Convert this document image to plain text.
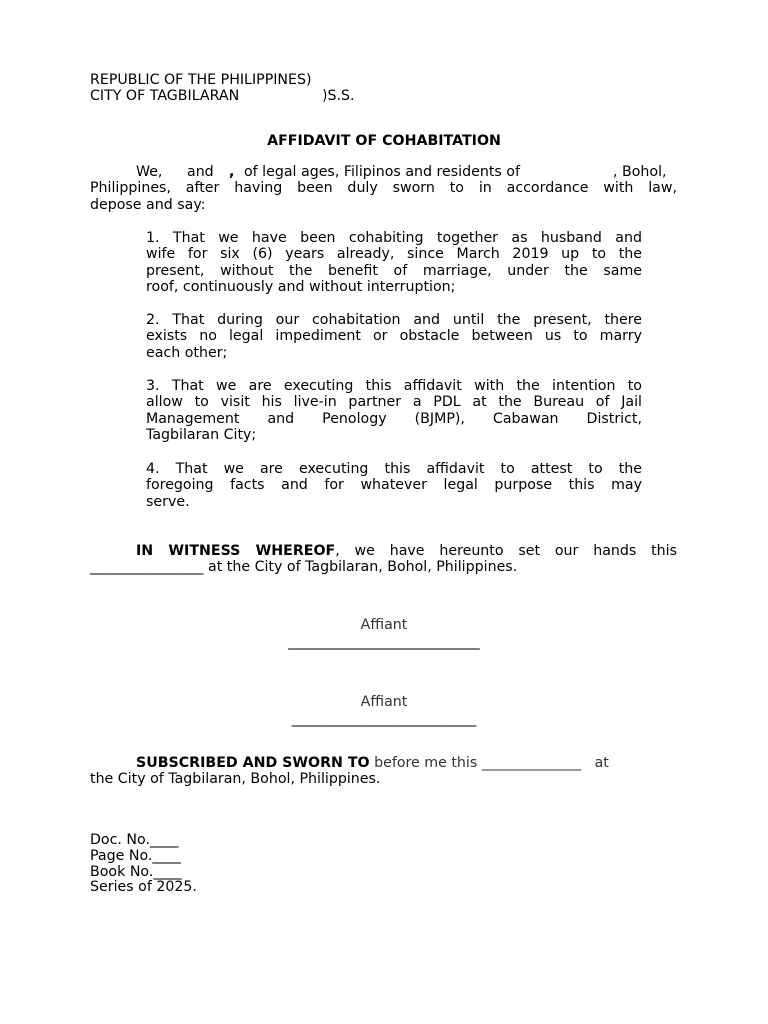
REPUBLIC OF THE PHILIPPINES)
CITY OF TAGBILARAN	)S.S.
AFFIDAVIT OF COHABITATION
We, and , of legal ages, Filipinos and residents of	, Bohol,
Philippines, after having been duly sworn to in accordance with law,
depose and say:
1. That we have been cohabiting together as husband and
wife for six (6) years already, since March 2019 up to the
present, without the benefit of marriage, under the same
roof, continuously and without interruption;
2. That during our cohabitation and until the present, there
exists no legal impediment or obstacle between us to marry
each other;
3. That we are executing this affidavit with the intention to
allow to visit his live-in partner a PDL at the Bureau of Jail
Management and Penology (BJMP), Cabawan District,
Tagbilaran City;
4. That we are executing this affidavit to attest to the
foregoing facts and for whatever legal purpose this may
serve.
IN WITNESS WHEREOF, we have hereunto set our hands this
________________ at the City of Tagbilaran, Bohol, Philippines.
Affiant
___________________________
Affiant
__________________________
SUBSCRIBED AND SWORN TO before me this ______________   at
the City of Tagbilaran, Bohol, Philippines.
Doc. No.____
Page No.____
Book No.____
Series of 2025.
